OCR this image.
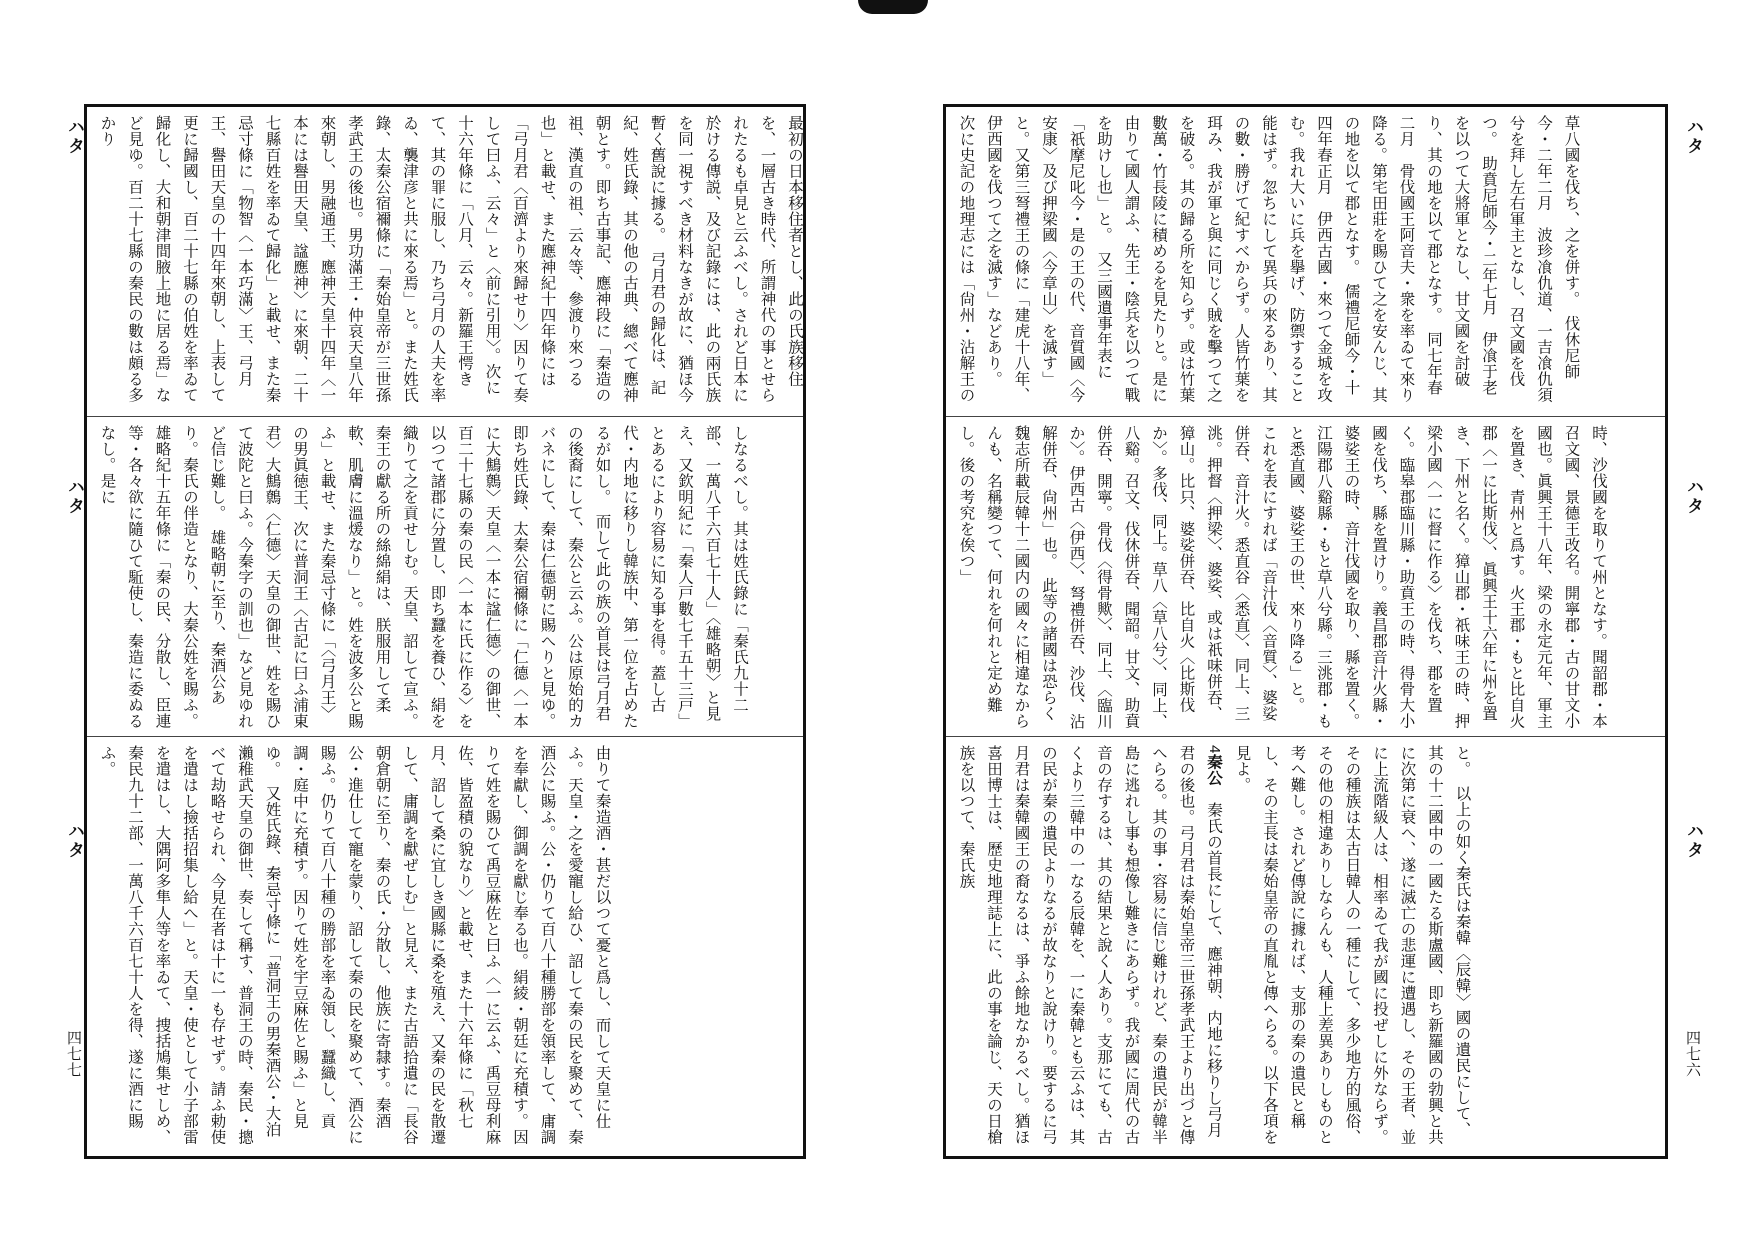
最初の日本移住者とし、此の氏族移住を、一層古き時代、所謂神代の事とせられたるも卓見と云ふべし。されど日本に於ける傳説、及び記錄には、此の兩氏族を同一視すべき材料なきが故に、猶ほ今暫く舊說に據る。　弓月君の歸化は、記紀、姓氏錄、其の他の古典、總べて應神朝とす。即ち古事記、應神段に「秦造の祖、漢直の祖、云々等、參渡り來つる也」と載せ、また應神紀十四年條には「弓月君〈百濟より來歸せり〉因りて奏して曰ふ、云々」と〈前に引用〉。次に十六年條に「八月、云々。新羅王愕きて、其の罪に服し、乃ち弓月の人夫を率ゐ、襲津彦と共に來る焉」と。また姓氏錄、太秦公宿禰條に「秦始皇帝が三世孫孝武王の後也。男功滿王・仲哀天皇八年來朝し、男融通王、應神天皇十四年〈一本には譽田天皇、諡應神〉に來朝、二十七縣百姓を率ゐて歸化」と載せ、また秦忌寸條に「物智〈一本巧滿〉王、弓月王、譽田天皇の十四年來朝し、上表して更に歸國し、百二十七縣の伯姓を率ゐて歸化し、大和朝津間腋上地に居る焉」など見ゆ。百二十七縣の秦民の數は頗る多かり
しなるべし。其は姓氏錄に「秦氏九十二部、一萬八千六百七十人」〈雄略朝〉と見え、又欽明紀に「秦人戸數七千五十三戸」とあるにより容易に知る事を得。蓋し古代・内地に移りし韓族中、第一位を占めたるが如し。　而して此の族の首長は弓月君の後裔にして、秦公と云ふ。公は原始的カバネにして、秦は仁德朝に賜へりと見ゆ。即ち姓氏錄、太秦公宿禰條に「仁德〈一本に大鷦鷯〉天皇〈一本に諡仁德〉の御世、百二十七縣の秦の民〈一本に氏に作る〉を以つて諸郡に分置し、即ち蠶を養ひ、絹を織りて之を貢せしむ。天皇、詔して宣ふ。秦王の獻る所の絲綿絹は、朕服用して柔軟、肌膚に溫煖なり」と。姓を波多公と賜ふ」と載せ、また秦忌寸條に「〈弓月王〉の男眞徳王、次に普洞王〈古記に曰ふ浦東君〉大鷦鷯〈仁德〉天皇の御世、姓を賜ひて波陀と曰ふ。今秦字の訓也」など見ゆれど信じ難し。　雄略朝に至り、秦酒公あり。秦氏の伴造となり、大秦公姓を賜ふ。雄略紀十五年條に「秦の民、分散し、臣連等・各々欲に隨ひて駈使し、秦造に委ぬるなし。是に
由りて秦造酒・甚だ以つて憂と爲し、而して天皇に仕ふ。天皇・之を愛寵し給ひ、詔して秦の民を聚めて、秦酒公に賜ふ。公・仍りて百八十種勝部を領率して、庸調を奉獻し、御調を獻じ奉る也。絹綾・朝廷に充積す。因りて姓を賜ひて禹豆麻佐と曰ふ〈一に云ふ、禹豆母利麻佐、皆盈積の貌なり〉と載せ、また十六年條に「秋七月、詔して桑に宜しき國縣に桑を殖え、又秦の民を散遷して、庸調を獻ぜしむ」と見え、また古語拾遺に「長谷朝倉朝に至り、秦の氏・分散し、他族に寄隸す。秦酒公・進仕して寵を蒙り、詔して秦の民を聚めて、酒公に賜ふ。仍りて百八十種の勝部を率ゐ領し、蠶織し、貢調・庭中に充積す。因りて姓を宇豆麻佐と賜ふ」と見ゆ。　又姓氏錄、秦忌寸條に「普洞王の男秦酒公・大泊瀨稚武天皇の御世、奏して稱す、普洞王の時、秦民・摠べて劫略せられ、今見在者は十に一も存せず。請ふ勅使を遣はし撿括招集し給へ」と。天皇・使として小子部雷を遣はし、大隅阿多隼人等を率ゐて、捜括鳩集せしめ、秦民九十二部、一萬八千六百七十人を得、遂に酒に賜ふ。
ハタ
ハタ
ハタ
四七七
草八國を伐ち、之を併す。　伐休尼師今・二年二月　波珍飡仇道、一吉飡仇須兮を拜し左右軍主となし、召文國を伐つ。　助賁尼師今・二年七月　伊飡于老を以つて大將軍となし、甘文國を討破り、其の地を以て郡となす。　同七年春二月　骨伐國王阿音夫・衆を率ゐて來り降る。第宅田莊を賜ひて之を安んじ、其の地を以て郡となす。　儒禮尼師今・十四年春正月　伊西古國・來つて金城を攻む。我れ大いに兵を擧げ、防禦すること能はず。忽ちにして異兵の來るあり、其の數・勝げて紀すべからず。人皆竹葉を珥み、我が軍と與に同じく賊を擊つて之を破る。其の歸る所を知らず。或は竹葉數萬・竹長陵に積めるを見たりと。是に由りて國人謂ふ、先王・陰兵を以つて戰を助けし也」と。　又三國遺事年表に「祇摩尼叱今・是の王の代、音質國〈今安康〉及び押梁國〈今章山〉を滅す」と。又第三弩禮王の條に「建虎十八年、伊西國を伐つて之を滅す」などあり。　次に史記の地理志には「尙州・沾解王の
時、沙伐國を取りて州となす。聞韶郡・本召文國、景德王改名。開寧郡・古の甘文小國也。眞興王十八年、梁の永定元年、軍主を置き、青州と爲す。火王郡・もと比自火郡〈一に比斯伐〉、眞興王十六年に州を置き、下州と名く。獐山郡・祇味王の時、押梁小國〈一に督に作る〉を伐ち、郡を置く。臨皋郡臨川縣・助賁王の時、得骨大小國を伐ち、縣を置けり。義昌郡音汁火縣・婆娑王の時、音汁伐國を取り、縣を置く。江陽郡八谿縣・もと草八兮縣。三洮郡・もと悉直國、婆娑王の世、來り降る」と。　これを表にすれば「音汁伐〈音質〉、婆娑併吞、音汁火。悉直谷〈悉直〉、同上、三洮。押督〈押梁〉、婆娑、或は祇味併吞、獐山。比只、婆娑併吞、比自火〈比斯伐か〉。多伐、同上。草八〈草八兮〉、同上、八谿。召文、伐休併吞、聞韶。甘文、助賁併吞、開寧。骨伐〈得骨歟〉、同上、〈臨川か〉。伊西古〈伊西〉、弩禮併吞、沙伐、沾解併吞、尙州」也。　此等の諸國は恐らく魏志所載辰韓十二國内の國々に相違なからんも、名稱變つて、何れを何れと定め難し。後の考究を俟つ」

と。　以上の如く秦氏は秦韓〈辰韓〉國の遺民にして、其の十二國中の一國たる斯盧國、即ち新羅國の勃興と共に次第に衰へ、遂に滅亡の悲運に遭遇し、その王者、並に上流階級人は、相率ゐて我が國に投ぜしに外ならず。その種族は太古日韓人の一種にして、多少地方的風俗、その他の相違ありしならんも、人種上差異ありしものと考へ難し。されど傳說に據れば、支那の秦の遺民と稱し、その主長は秦始皇帝の直胤と傳へらる。以下各項を見よ。

4秦公　秦氏の首長にして、應神朝、内地に移りし弓月君の後也。弓月君は秦始皇帝三世孫孝武王より出づと傳へらる。其の事・容易に信じ難けれど、秦の遺民が韓半島に逃れし事も想像し難きにあらず。我が國に周代の古音の存するは、其の結果と說く人あり。支那にても、古くより三韓中の一なる辰韓を、一に秦韓とも云ふは、其の民が秦の遺民よりなるが故なりと說けり。要するに弓月君は秦韓國王の裔なるは、爭ふ餘地なかるべし。猶ほ喜田博士は、歷史地理誌上に、此の事を論じ、天の日槍族を以つて、秦氏族

ハタ
ハタ
ハタ
四七六
